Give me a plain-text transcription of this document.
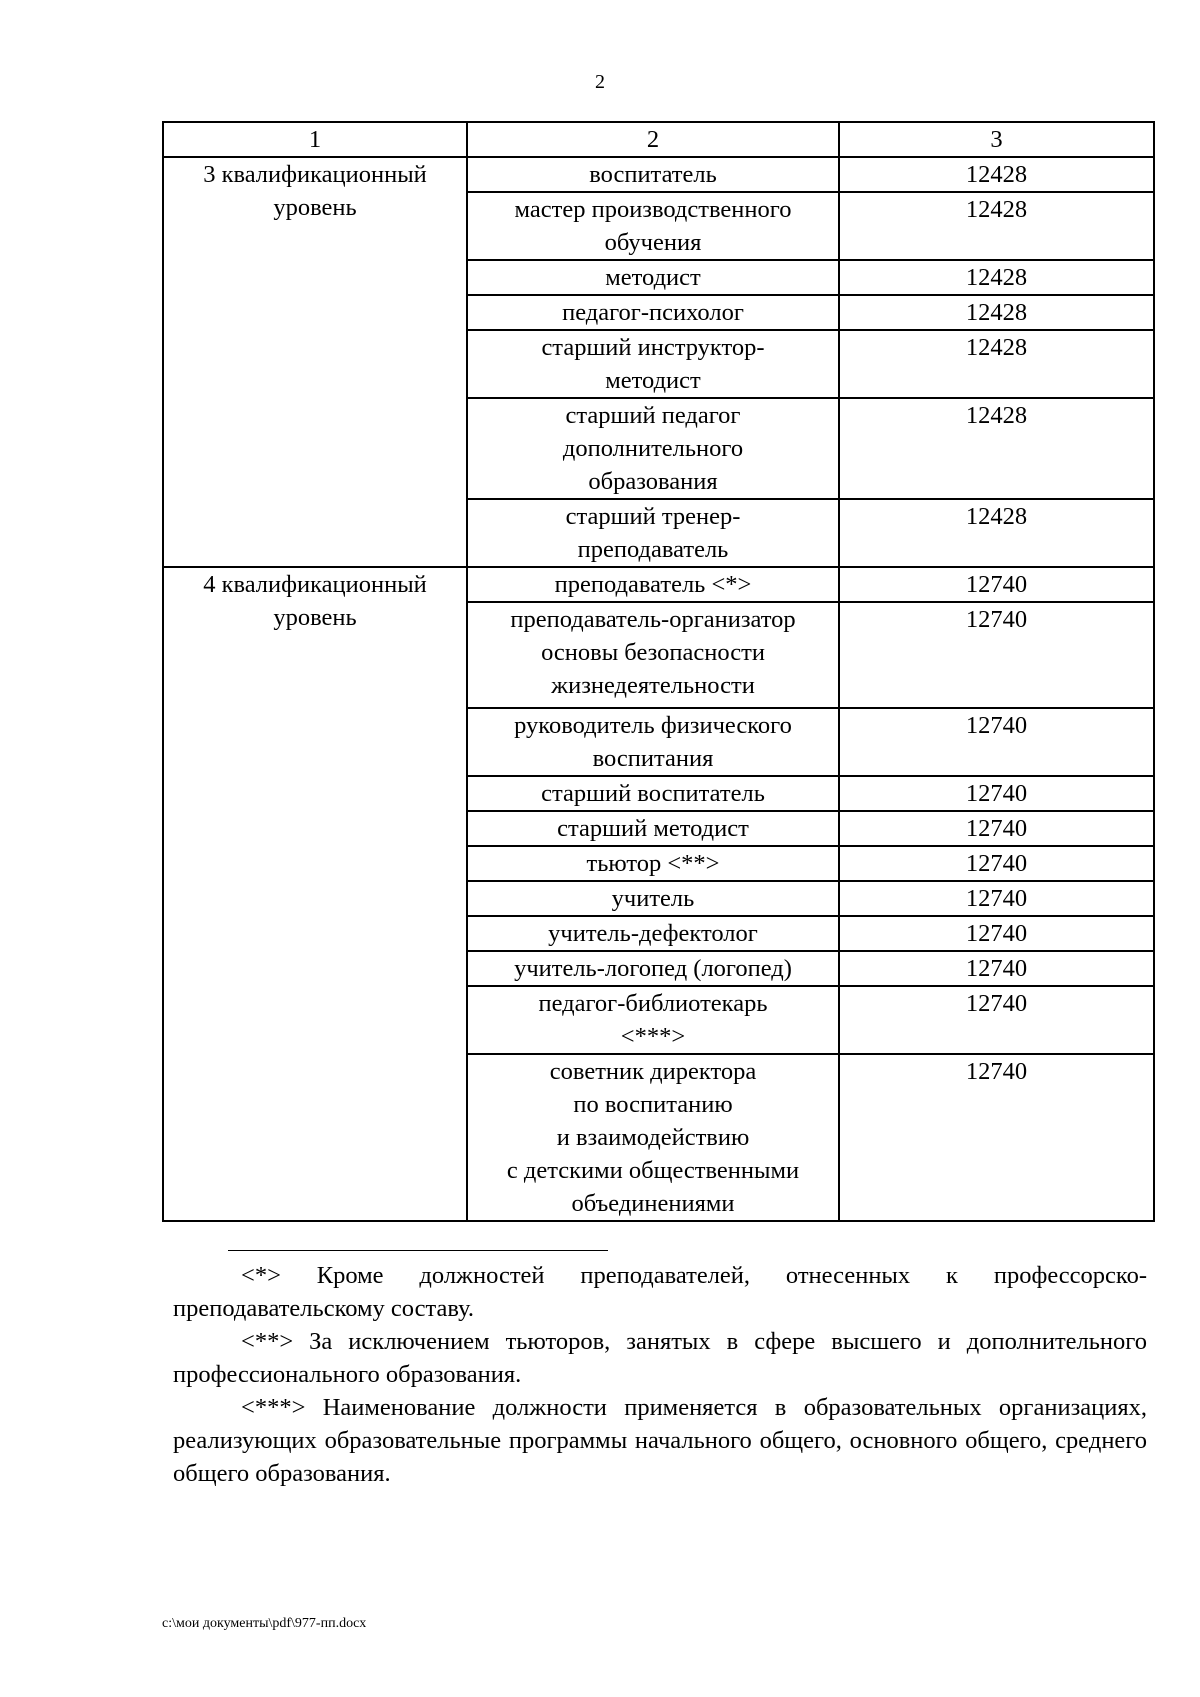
2
1	2	3
3 квалификационный
уровень	воспитатель	12428
	мастер производственного
обучения	12428
	методист	12428
	педагог-психолог	12428
	старший инструктор-
методист	12428
	старший педагог
дополнительного
образования	12428
	старший тренер-
преподаватель	12428
4 квалификационный
уровень	преподаватель <*>	12740
	преподаватель-организатор
основы безопасности
жизнедеятельности	12740
	руководитель физического
воспитания	12740
	старший воспитатель	12740
	старший методист	12740
	тьютор <**>	12740
	учитель	12740
	учитель-дефектолог	12740
	учитель-логопед (логопед)	12740
	педагог-библиотекарь
<***>	12740
	советник директора
по воспитанию
и взаимодействию
с детскими общественными
объединениями	12740
<*> Кроме должностей преподавателей, отнесенных к профессорско-преподавательскому составу.
<**> За исключением тьюторов, занятых в сфере высшего и дополнительного профессионального образования.
<***> Наименование должности применяется в образовательных организациях, реализующих образовательные программы начального общего, основного общего, среднего общего образования.
c:\мои документы\pdf\977-пп.docx
